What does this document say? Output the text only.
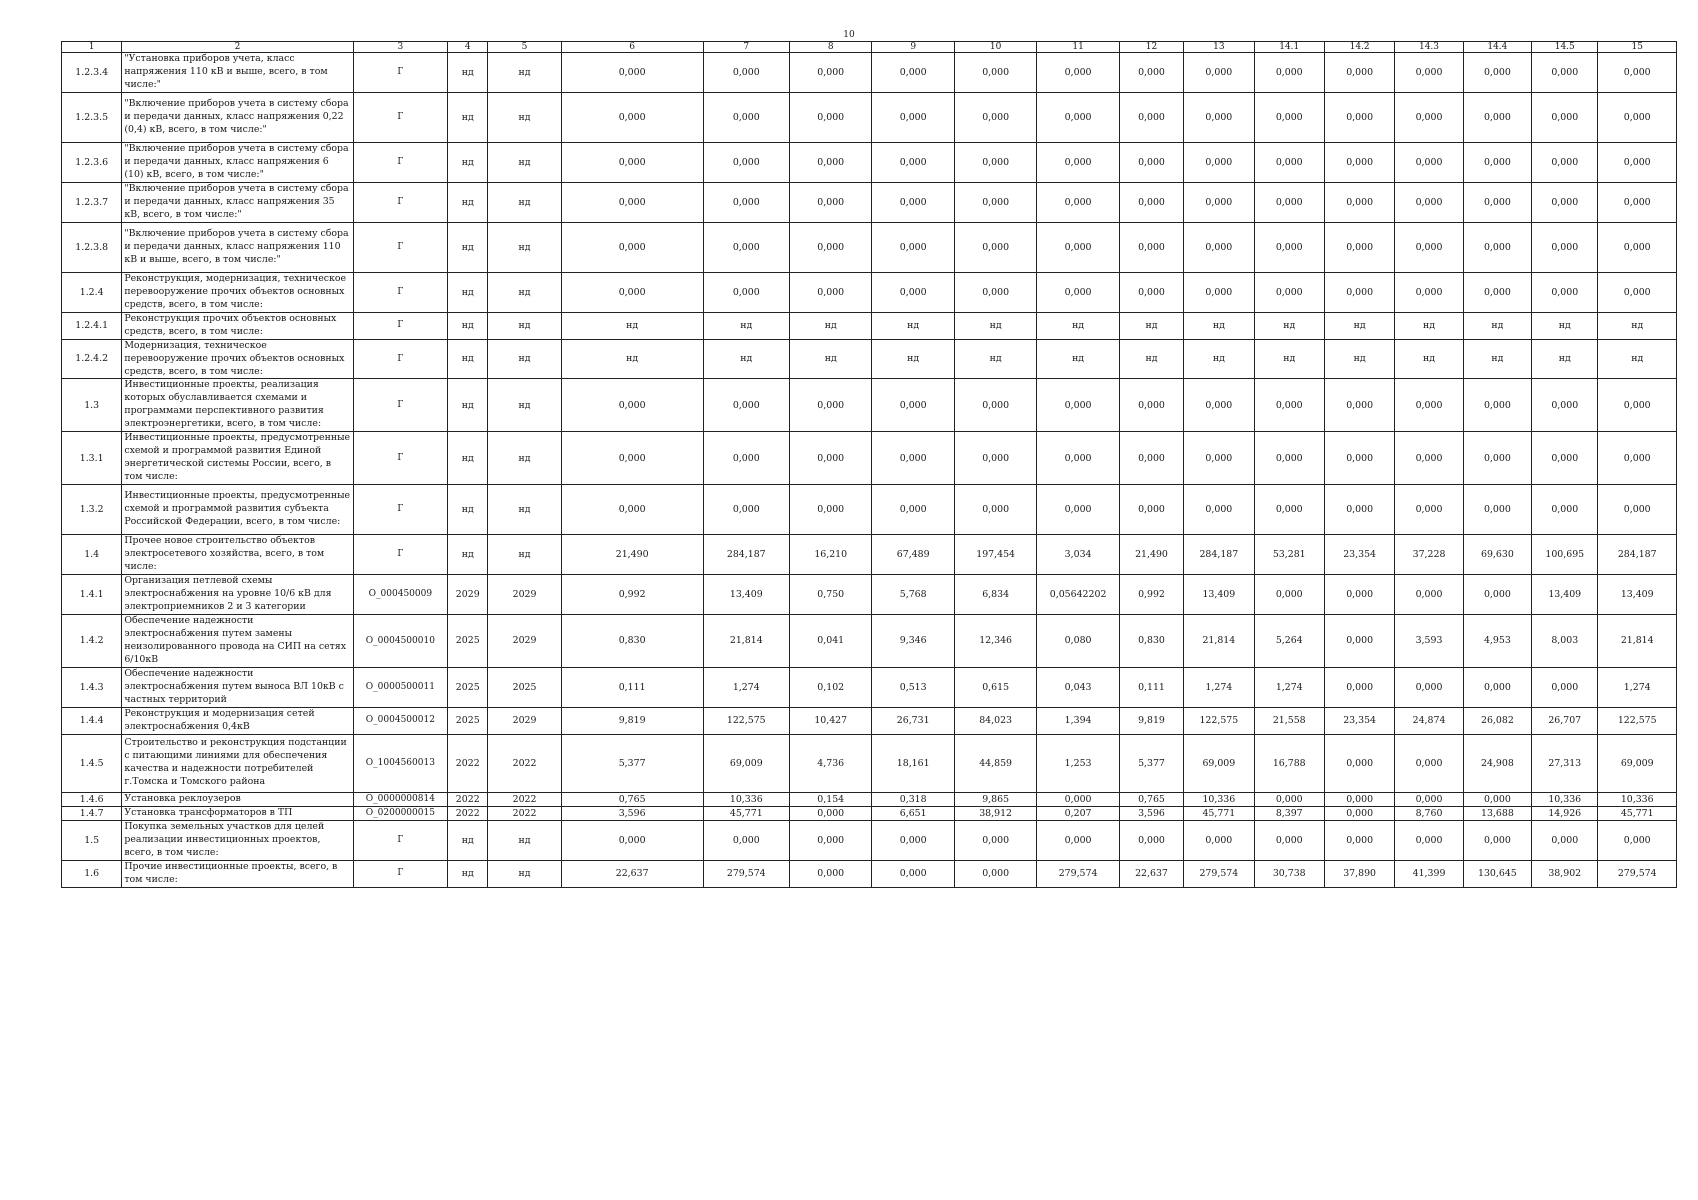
10
1	2	3	4	5	6	7	8	9	10	11	12	13	14.1	14.2	14.3	14.4	14.5	15
1.2.3.4	"Установка приборов учета, класс напряжения 110 кВ и выше, всего, в том числе:"	Г	нд	нд	0,000	0,000	0,000	0,000	0,000	0,000	0,000	0,000	0,000	0,000	0,000	0,000	0,000	0,000
1.2.3.5	"Включение приборов учета в систему сбора и передачи данных, класс напряжения 0,22 (0,4) кВ, всего, в том числе:"	Г	нд	нд	0,000	0,000	0,000	0,000	0,000	0,000	0,000	0,000	0,000	0,000	0,000	0,000	0,000	0,000
1.2.3.6	"Включение приборов учета в систему сбора и передачи данных, класс напряжения 6 (10) кВ, всего, в том числе:"	Г	нд	нд	0,000	0,000	0,000	0,000	0,000	0,000	0,000	0,000	0,000	0,000	0,000	0,000	0,000	0,000
1.2.3.7	"Включение приборов учета в систему сбора и передачи данных, класс напряжения 35 кВ, всего, в том числе:"	Г	нд	нд	0,000	0,000	0,000	0,000	0,000	0,000	0,000	0,000	0,000	0,000	0,000	0,000	0,000	0,000
1.2.3.8	"Включение приборов учета в систему сбора и передачи данных, класс напряжения 110 кВ и выше, всего, в том числе:"	Г	нд	нд	0,000	0,000	0,000	0,000	0,000	0,000	0,000	0,000	0,000	0,000	0,000	0,000	0,000	0,000
1.2.4	Реконструкция, модернизация, техническое перевооружение прочих объектов основных средств, всего, в том числе:	Г	нд	нд	0,000	0,000	0,000	0,000	0,000	0,000	0,000	0,000	0,000	0,000	0,000	0,000	0,000	0,000
1.2.4.1	Реконструкция прочих объектов основных средств, всего, в том числе:	Г	нд	нд	нд	нд	нд	нд	нд	нд	нд	нд	нд	нд	нд	нд	нд	нд
1.2.4.2	Модернизация, техническое перевооружение прочих объектов основных средств, всего, в том числе:	Г	нд	нд	нд	нд	нд	нд	нд	нд	нд	нд	нд	нд	нд	нд	нд	нд
1.3	Инвестиционные проекты, реализация которых обуславливается схемами и программами перспективного развития электроэнергетики, всего, в том числе:	Г	нд	нд	0,000	0,000	0,000	0,000	0,000	0,000	0,000	0,000	0,000	0,000	0,000	0,000	0,000	0,000
1.3.1	Инвестиционные проекты, предусмотренные схемой и программой развития Единой энергетической системы России, всего, в том числе:	Г	нд	нд	0,000	0,000	0,000	0,000	0,000	0,000	0,000	0,000	0,000	0,000	0,000	0,000	0,000	0,000
1.3.2	Инвестиционные проекты, предусмотренные схемой и программой развития субъекта Российской Федерации, всего, в том числе:	Г	нд	нд	0,000	0,000	0,000	0,000	0,000	0,000	0,000	0,000	0,000	0,000	0,000	0,000	0,000	0,000
1.4	Прочее новое строительство объектов электросетевого хозяйства, всего, в том числе:	Г	нд	нд	21,490	284,187	16,210	67,489	197,454	3,034	21,490	284,187	53,281	23,354	37,228	69,630	100,695	284,187
1.4.1	Организация петлевой схемы электроснабжения на уровне 10/6 кВ для электроприемников 2 и 3 категории	О_000450009	2029	2029	0,992	13,409	0,750	5,768	6,834	0,05642202	0,992	13,409	0,000	0,000	0,000	0,000	13,409	13,409
1.4.2	Обеспечение надежности электроснабжения путем замены неизолированного провода на СИП на сетях 6/10кВ	О_0004500010	2025	2029	0,830	21,814	0,041	9,346	12,346	0,080	0,830	21,814	5,264	0,000	3,593	4,953	8,003	21,814
1.4.3	Обеспечение надежности электроснабжения путем выноса ВЛ 10кВ с частных территорий	О_0000500011	2025	2025	0,111	1,274	0,102	0,513	0,615	0,043	0,111	1,274	1,274	0,000	0,000	0,000	0,000	1,274
1.4.4	Реконструкция и модернизация сетей электроснабжения 0,4кВ	О_0004500012	2025	2029	9,819	122,575	10,427	26,731	84,023	1,394	9,819	122,575	21,558	23,354	24,874	26,082	26,707	122,575
1.4.5	Строительство и реконструкция подстанции с питающими линиями для обеспечения качества и надежности потребителей г.Томска и Томского района	О_1004560013	2022	2022	5,377	69,009	4,736	18,161	44,859	1,253	5,377	69,009	16,788	0,000	0,000	24,908	27,313	69,009
1.4.6	Установка реклоузеров	О_0000000814	2022	2022	0,765	10,336	0,154	0,318	9,865	0,000	0,765	10,336	0,000	0,000	0,000	0,000	10,336	10,336
1.4.7	Установка трансформаторов в ТП	О_0200000015	2022	2022	3,596	45,771	0,000	6,651	38,912	0,207	3,596	45,771	8,397	0,000	8,760	13,688	14,926	45,771
1.5	Покупка земельных участков для целей реализации инвестиционных проектов, всего, в том числе:	Г	нд	нд	0,000	0,000	0,000	0,000	0,000	0,000	0,000	0,000	0,000	0,000	0,000	0,000	0,000	0,000
1.6	Прочие инвестиционные проекты, всего, в том числе:	Г	нд	нд	22,637	279,574	0,000	0,000	0,000	279,574	22,637	279,574	30,738	37,890	41,399	130,645	38,902	279,574
